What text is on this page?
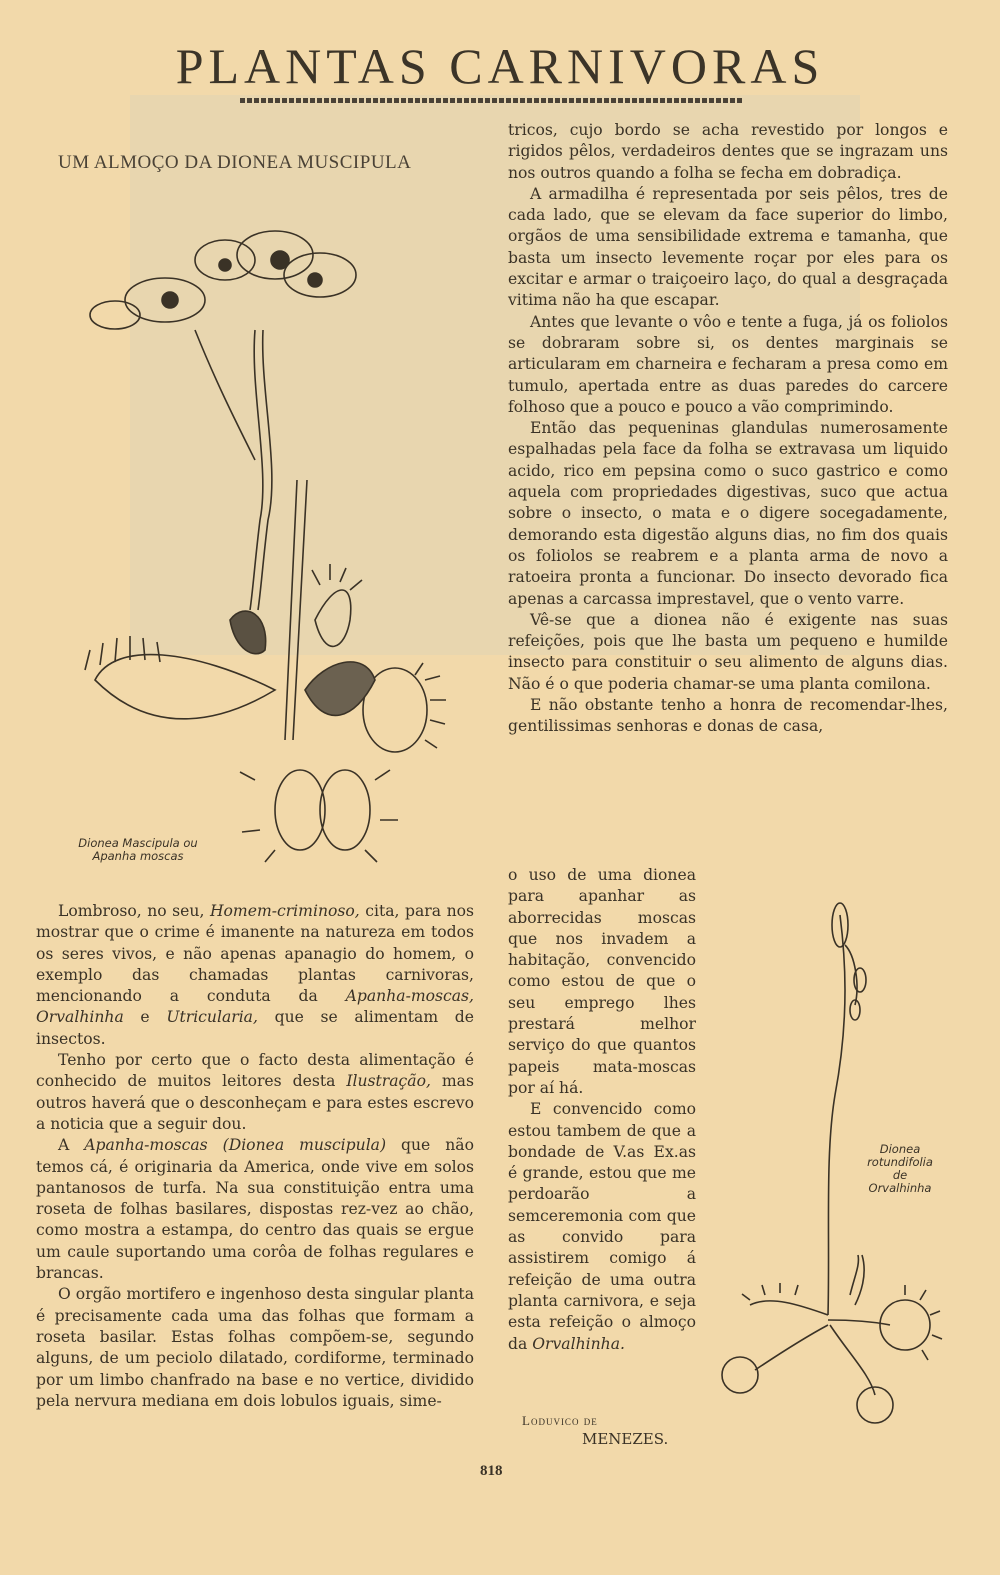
PLANTAS CARNIVORAS
UM ALMOÇO DA DIONEA MUSCIPULA
Dionea Mascipula ou
Apanha moscas

Lombroso, no seu, Homem-criminoso, cita, para nos mostrar que o crime é imanente na natureza em todos os seres vivos, e não apenas apanagio do homem, o exemplo das chamadas plantas carnivoras, mencionando a conduta da Apanha-moscas, Orvalhinha e Utricularia, que se alimentam de insectos.

Tenho por certo que o facto desta alimentação é conhecido de muitos leitores desta Ilustração, mas outros haverá que o desconheçam e para estes escrevo a noticia que a seguir dou.

A Apanha-moscas (Dionea muscipula) que não temos cá, é originaria da America, onde vive em solos pantanosos de turfa. Na sua constituição entra uma roseta de folhas basilares, dispostas rez-vez ao chão, como mostra a estampa, do centro das quais se ergue um caule suportando uma corôa de folhas regulares e brancas.

O orgão mortifero e ingenhoso desta singular planta é precisamente cada uma das folhas que formam a roseta basilar. Estas folhas compõem-se, segundo alguns, de um peciolo dilatado, cordiforme, terminado por um limbo chanfrado na base e no vertice, dividido pela nervura mediana em dois lobulos iguais, sime-

tricos, cujo bordo se acha revestido por longos e rigidos pêlos, verdadeiros dentes que se ingrazam uns nos outros quando a folha se fecha em dobradiça.

A armadilha é representada por seis pêlos, tres de cada lado, que se elevam da face superior do limbo, orgãos de uma sensibilidade extrema e tamanha, que basta um insecto levemente roçar por eles para os excitar e armar o traiçoeiro laço, do qual a desgraçada vitima não ha que escapar.

Antes que levante o vôo e tente a fuga, já os foliolos se dobraram sobre si, os dentes marginais se articularam em charneira e fecharam a presa como em tumulo, apertada entre as duas paredes do carcere folhoso que a pouco e pouco a vão comprimindo.

Então das pequeninas glandulas numerosamente espalhadas pela face da folha se extravasa um liquido acido, rico em pepsina como o suco gastrico e como aquela com propriedades digestivas, suco que actua sobre o insecto, o mata e o digere socegadamente, demorando esta digestão alguns dias, no fim dos quais os foliolos se reabrem e a planta arma de novo a ratoeira pronta a funcionar. Do insecto devorado fica apenas a carcassa imprestavel, que o vento varre.

Vê-se que a dionea não é exigente nas suas refeições, pois que lhe basta um pequeno e humilde insecto para constituir o seu alimento de alguns dias. Não é o que poderia chamar-se uma planta comilona.

E não obstante tenho a honra de recomendar-lhes, gentilissimas senhoras e donas de casa,

o uso de uma dionea para apanhar as aborrecidas moscas que nos invadem a habitação, convencido como estou de que o seu emprego lhes prestará melhor serviço do que quantos papeis mata-moscas por aí há.

E convencido como estou tambem de que a bondade de V.as Ex.as é grande, estou que me perdoarão a semceremonia com que as convido para assistirem comigo á refeição de uma outra planta carnivora, e seja esta refeição o almoço da Orvalhinha.

Loduvico de
MENEZES.
Dionea
rotundifolia
de
Orvalhinha
818
